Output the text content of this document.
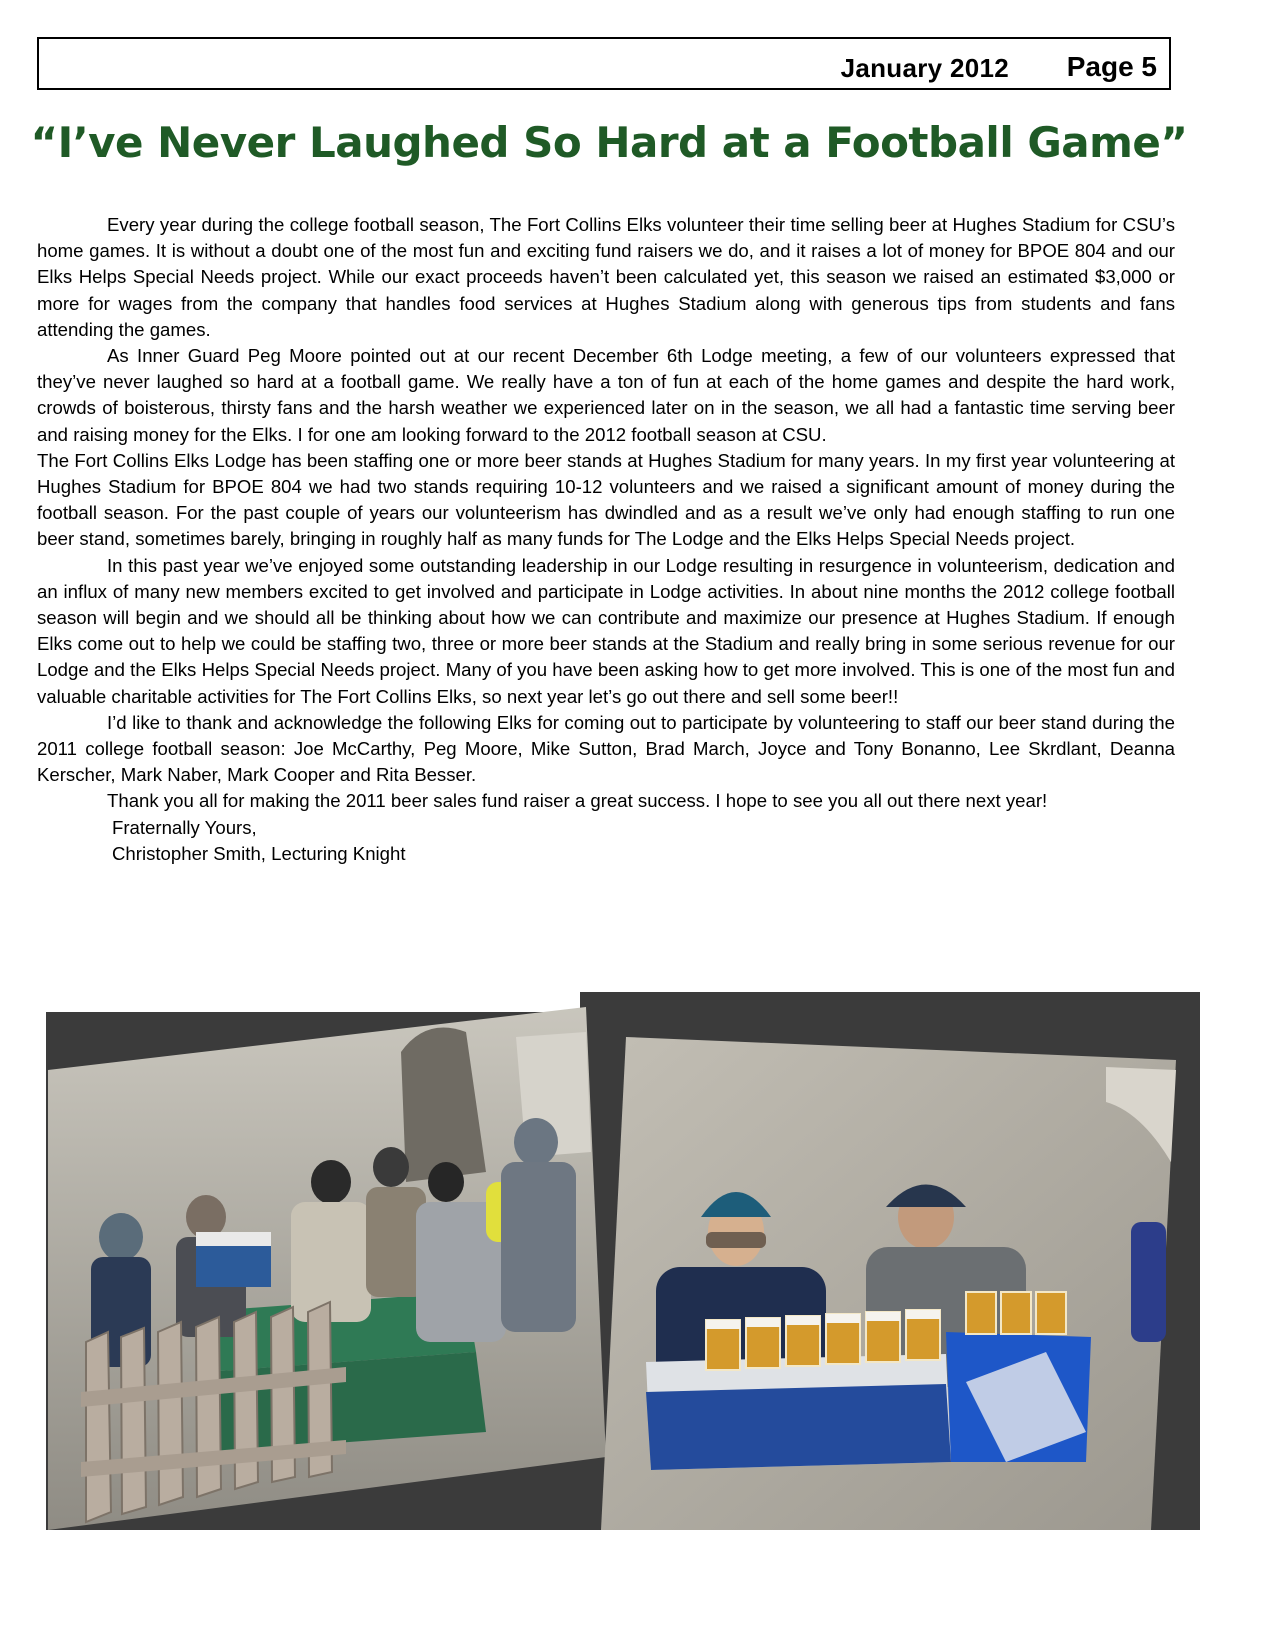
January 2012 Page 5
“I’ve Never Laughed So Hard at a Football Game”

Every year during the college football season, The Fort Collins Elks volunteer their time selling beer at Hughes Stadium for CSU’s home games. It is without a doubt one of the most fun and exciting fund raisers we do, and it raises a lot of money for BPOE 804 and our Elks Helps Special Needs project. While our exact proceeds haven’t been calculated yet, this season we raised an estimated $3,000 or more for wages from the company that handles food services at Hughes Stadium along with generous tips from students and fans attending the games.

As Inner Guard Peg Moore pointed out at our recent December 6th Lodge meeting, a few of our volunteers expressed that they’ve never laughed so hard at a football game. We really have a ton of fun at each of the home games and despite the hard work, crowds of boisterous, thirsty fans and the harsh weather we experienced later on in the season, we all had a fantastic time serving beer and raising money for the Elks. I for one am looking forward to the 2012 football season at CSU.

The Fort Collins Elks Lodge has been staffing one or more beer stands at Hughes Stadium for many years. In my first year volunteering at Hughes Stadium for BPOE 804 we had two stands requiring 10-12 volunteers and we raised a significant amount of money during the football season. For the past couple of years our volunteerism has dwindled and as a result we’ve only had enough staffing to run one beer stand, sometimes barely, bringing in roughly half as many funds for The Lodge and the Elks Helps Special Needs project.

In this past year we’ve enjoyed some outstanding leadership in our Lodge resulting in resurgence in volunteerism, dedication and an influx of many new members excited to get involved and participate in Lodge activities. In about nine months the 2012 college football season will begin and we should all be thinking about how we can contribute and maximize our presence at Hughes Stadium. If enough Elks come out to help we could be staffing two, three or more beer stands at the Stadium and really bring in some serious revenue for our Lodge and the Elks Helps Special Needs project. Many of you have been asking how to get more involved. This is one of the most fun and valuable charitable activities for The Fort Collins Elks, so next year let’s go out there and sell some beer!!

I’d like to thank and acknowledge the following Elks for coming out to participate by volunteering to staff our beer stand during the 2011 college football season: Joe McCarthy, Peg Moore, Mike Sutton, Brad March, Joyce and Tony Bonanno, Lee Skrdlant, Deanna Kerscher, Mark Naber, Mark Cooper and Rita Besser.

Thank you all for making the 2011 beer sales fund raiser a great success. I hope to see you all out there next year!

Fraternally Yours,

Christopher Smith, Lecturing Knight
